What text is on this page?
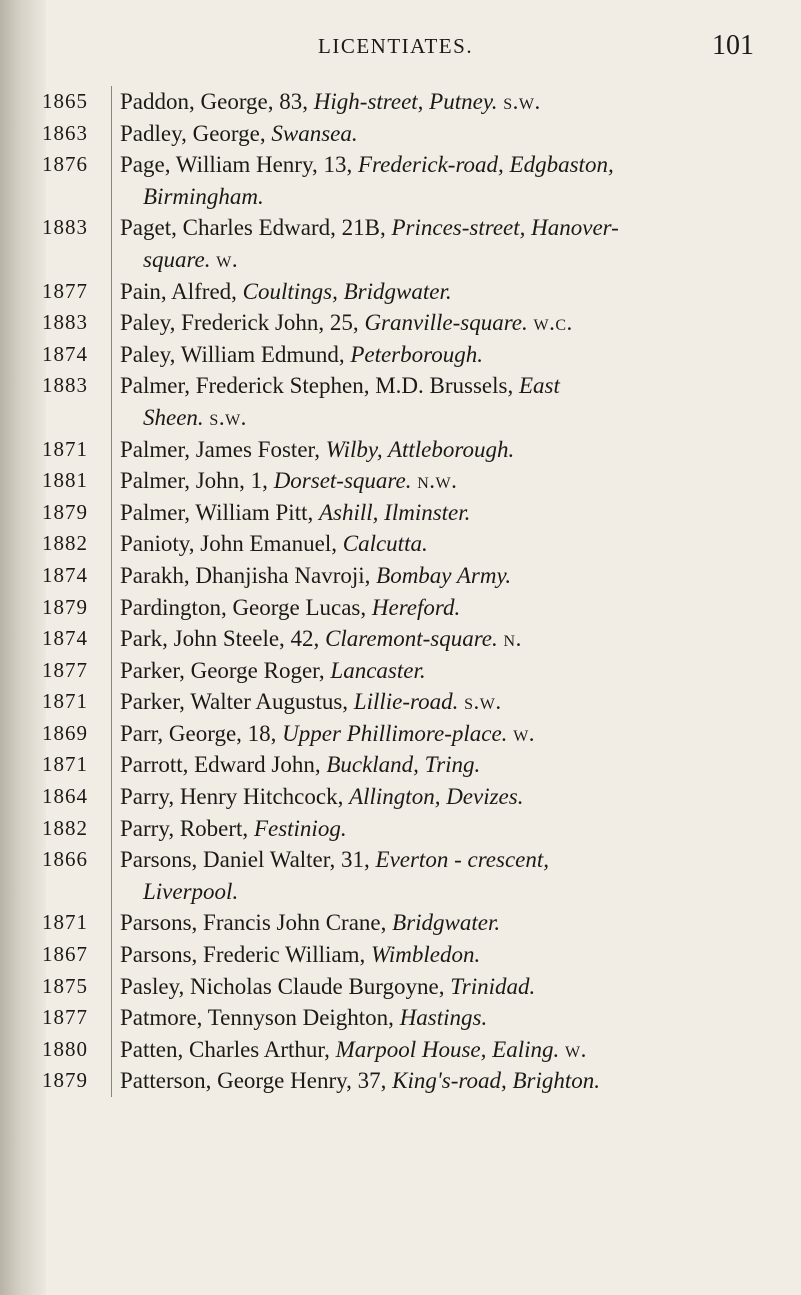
LICENTIATES.	101
1865	Paddon, George, 83, High-street, Putney. s.w.
1863	Padley, George, Swansea.
1876	Page, William Henry, 13, Frederick-road, Edgbaston,
Birmingham.
1883	Paget, Charles Edward, 21B, Princes-street, Hanover-
square. w.
1877	Pain, Alfred, Coultings, Bridgwater.
1883	Paley, Frederick John, 25, Granville-square. w.c.
1874	Paley, William Edmund, Peterborough.
1883	Palmer, Frederick Stephen, M.D. Brussels, East
Sheen. s.w.
1871	Palmer, James Foster, Wilby, Attleborough.
1881	Palmer, John, 1, Dorset-square. n.w.
1879	Palmer, William Pitt, Ashill, Ilminster.
1882	Panioty, John Emanuel, Calcutta.
1874	Parakh, Dhanjisha Navroji, Bombay Army.
1879	Pardington, George Lucas, Hereford.
1874	Park, John Steele, 42, Claremont-square. n.
1877	Parker, George Roger, Lancaster.
1871	Parker, Walter Augustus, Lillie-road. s.w.
1869	Parr, George, 18, Upper Phillimore-place. w.
1871	Parrott, Edward John, Buckland, Tring.
1864	Parry, Henry Hitchcock, Allington, Devizes.
1882	Parry, Robert, Festiniog.
1866	Parsons, Daniel Walter, 31, Everton - crescent,
Liverpool.
1871	Parsons, Francis John Crane, Bridgwater.
1867	Parsons, Frederic William, Wimbledon.
1875	Pasley, Nicholas Claude Burgoyne, Trinidad.
1877	Patmore, Tennyson Deighton, Hastings.
1880	Patten, Charles Arthur, Marpool House, Ealing. w.
1879	Patterson, George Henry, 37, King's-road, Brighton.
